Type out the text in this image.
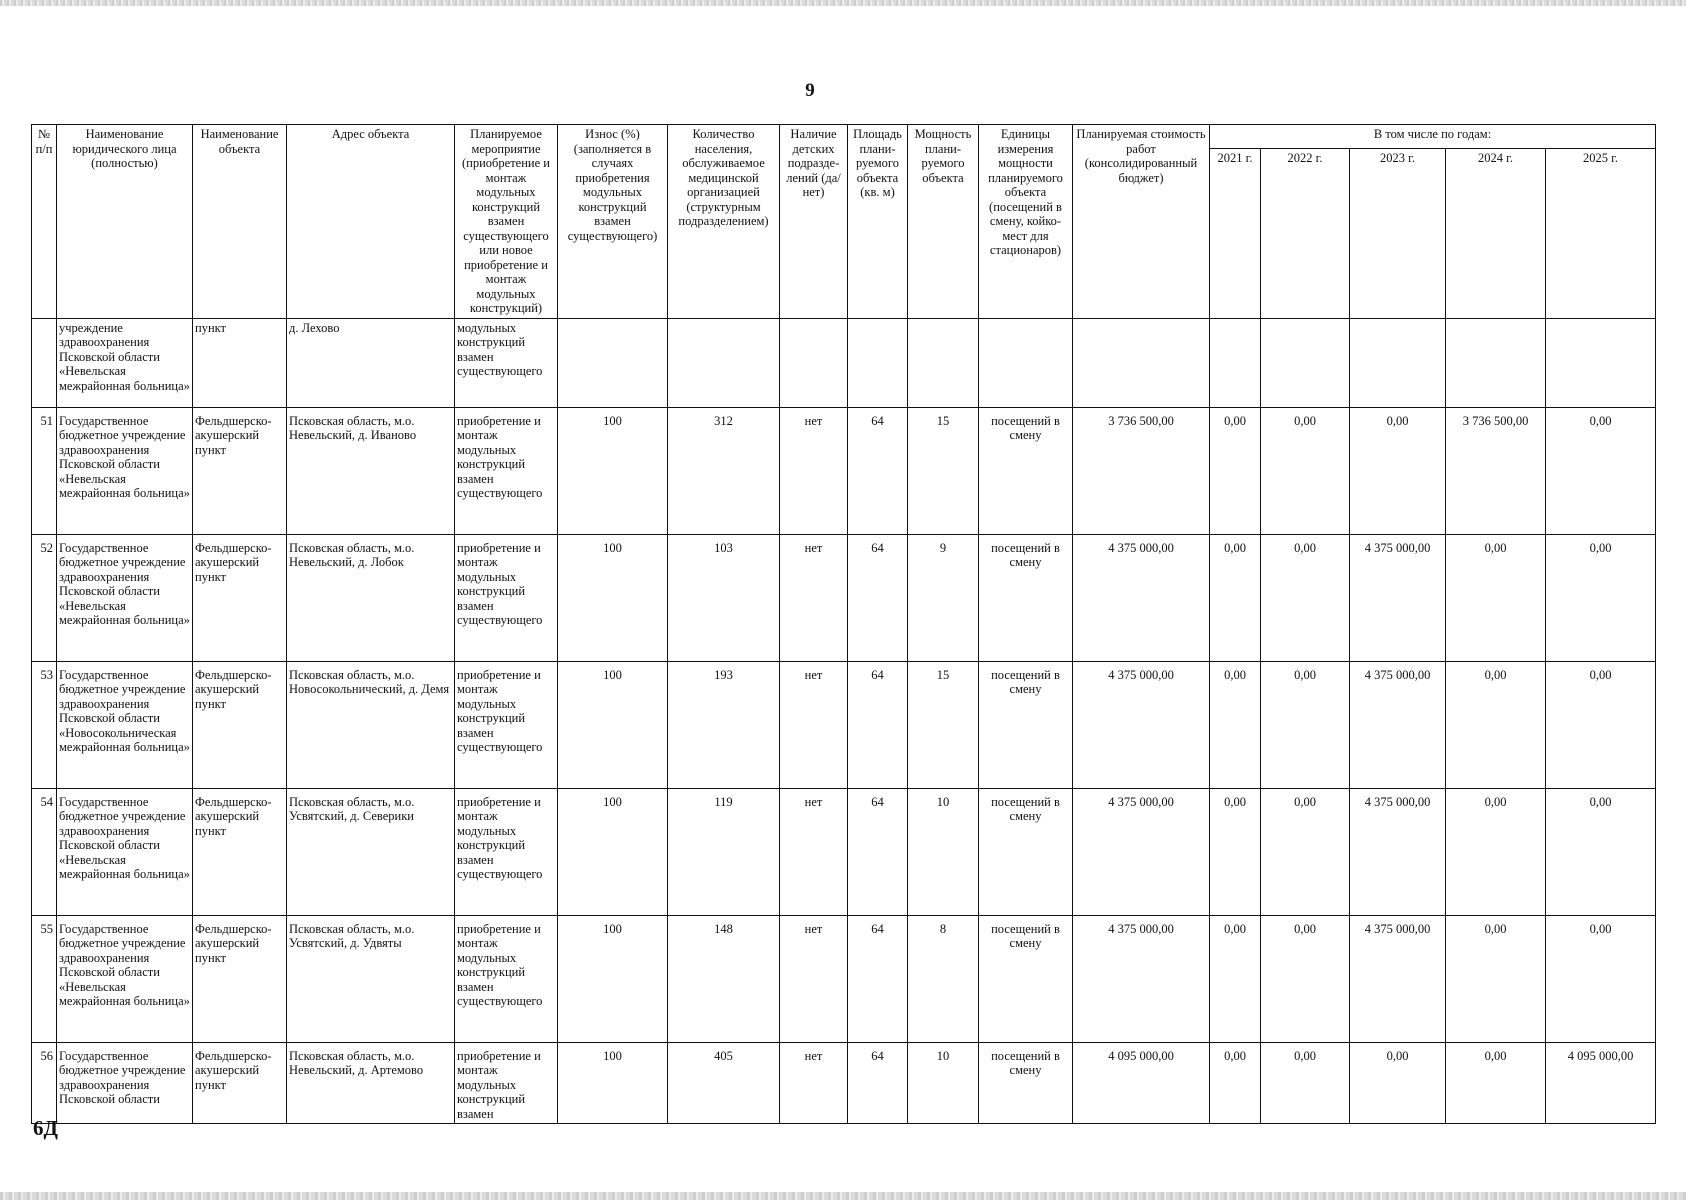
9
№ п/п	Наименование юридического лица (полностью)	Наименование объекта	Адрес объекта	Планируемое мероприятие (приобретение и монтаж модульных конструкций взамен существующего или новое приобретение и монтаж модульных конструкций)	Износ (%) (заполняется в случаях приобретения модульных конструкций взамен существующего)	Количество населения, обслуживаемое медицинской организацией (структурным подразделением)	Наличие детских подразде-лений (да/нет)	Площадь плани-руемого объекта (кв. м)	Мощность плани-руемого объекта	Единицы измерения мощности планируемого объекта (посещений в смену, койко-мест для стационаров)	Планируемая стоимость работ (консолидированный бюджет)	В том числе по годам:				
												2021 г.	2022 г.	2023 г.	2024 г.	2025 г.
	учреждение здравоохранения Псковской области «Невельская межрайонная больница»	пункт	д. Лехово	модульных конструкций взамен существующего												
51	Государственное бюджетное учреждение здравоохранения Псковской области «Невельская межрайонная больница»	Фельдшерско-акушерский пункт	Псковская область, м.о. Невельский, д. Иваново	приобретение и монтаж модульных конструкций взамен существующего	100	312	нет	64	15	посещений в смену	3 736 500,00	0,00	0,00	0,00	3 736 500,00	0,00
52	Государственное бюджетное учреждение здравоохранения Псковской области «Невельская межрайонная больница»	Фельдшерско-акушерский пункт	Псковская область, м.о. Невельский, д. Лобок	приобретение и монтаж модульных конструкций взамен существующего	100	103	нет	64	9	посещений в смену	4 375 000,00	0,00	0,00	4 375 000,00	0,00	0,00
53	Государственное бюджетное учреждение здравоохранения Псковской области «Новосокольническая межрайонная больница»	Фельдшерско-акушерский пункт	Псковская область, м.о. Новосокольнический, д. Демя	приобретение и монтаж модульных конструкций взамен существующего	100	193	нет	64	15	посещений в смену	4 375 000,00	0,00	0,00	4 375 000,00	0,00	0,00
54	Государственное бюджетное учреждение здравоохранения Псковской области «Невельская межрайонная больница»	Фельдшерско-акушерский пункт	Псковская область, м.о. Усвятский, д. Северики	приобретение и монтаж модульных конструкций взамен существующего	100	119	нет	64	10	посещений в смену	4 375 000,00	0,00	0,00	4 375 000,00	0,00	0,00
55	Государственное бюджетное учреждение здравоохранения Псковской области «Невельская межрайонная больница»	Фельдшерско-акушерский пункт	Псковская область, м.о. Усвятский, д. Удвяты	приобретение и монтаж модульных конструкций взамен существующего	100	148	нет	64	8	посещений в смену	4 375 000,00	0,00	0,00	4 375 000,00	0,00	0,00
56	Государственное бюджетное учреждение здравоохранения Псковской области	Фельдшерско-акушерский пункт	Псковская область, м.о. Невельский, д. Артемово	приобретение и монтаж модульных конструкций взамен	100	405	нет	64	10	посещений в смену	4 095 000,00	0,00	0,00	0,00	0,00	4 095 000,00
6Д
